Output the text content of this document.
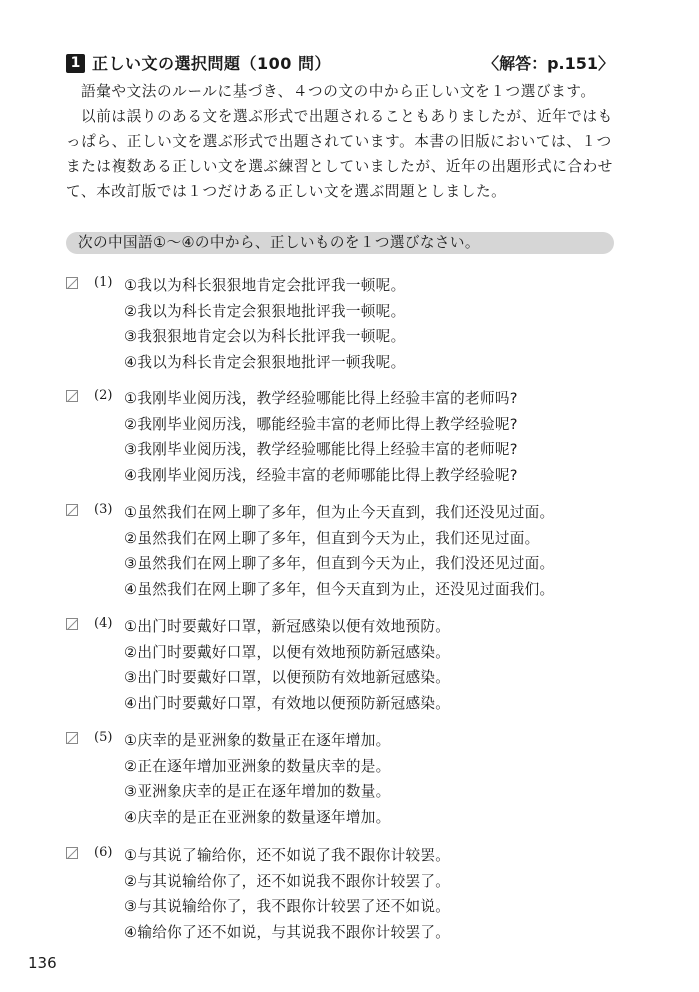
1 正しい文の選択問題（100 問）	〈解答：p.151〉

語彙や文法のルールに基づき、４つの文の中から正しい文を１つ選びます。

以前は誤りのある文を選ぶ形式で出題されることもありましたが、近年ではもっぱら、正しい文を選ぶ形式で出題されています。本書の旧版においては、１つまたは複数ある正しい文を選ぶ練習としていましたが、近年の出題形式に合わせて、本改訂版では１つだけある正しい文を選ぶ問題としました。

次の中国語①～④の中から、正しいものを１つ選びなさい。
(1) ①我以为科长狠狠地肯定会批评我一顿呢。
②我以为科长肯定会狠狠地批评我一顿呢。
③我狠狠地肯定会以为科长批评我一顿呢。
④我以为科长肯定会狠狠地批评一顿我呢。
(2) ①我刚毕业阅历浅，教学经验哪能比得上经验丰富的老师吗?
②我刚毕业阅历浅，哪能经验丰富的老师比得上教学经验呢?
③我刚毕业阅历浅，教学经验哪能比得上经验丰富的老师呢?
④我刚毕业阅历浅，经验丰富的老师哪能比得上教学经验呢?
(3) ①虽然我们在网上聊了多年，但为止今天直到，我们还没见过面。
②虽然我们在网上聊了多年，但直到今天为止，我们还见过面。
③虽然我们在网上聊了多年，但直到今天为止，我们没还见过面。
④虽然我们在网上聊了多年，但今天直到为止，还没见过面我们。
(4) ①出门时要戴好口罩，新冠感染以便有效地预防。
②出门时要戴好口罩，以便有效地预防新冠感染。
③出门时要戴好口罩，以便预防有效地新冠感染。
④出门时要戴好口罩，有效地以便预防新冠感染。
(5) ①庆幸的是亚洲象的数量正在逐年增加。
②正在逐年增加亚洲象的数量庆幸的是。
③亚洲象庆幸的是正在逐年增加的数量。
④庆幸的是正在亚洲象的数量逐年增加。
(6) ①与其说了输给你，还不如说了我不跟你计较罢。
②与其说输给你了，还不如说我不跟你计较罢了。
③与其说输给你了，我不跟你计较罢了还不如说。
④输给你了还不如说，与其说我不跟你计较罢了。
136
